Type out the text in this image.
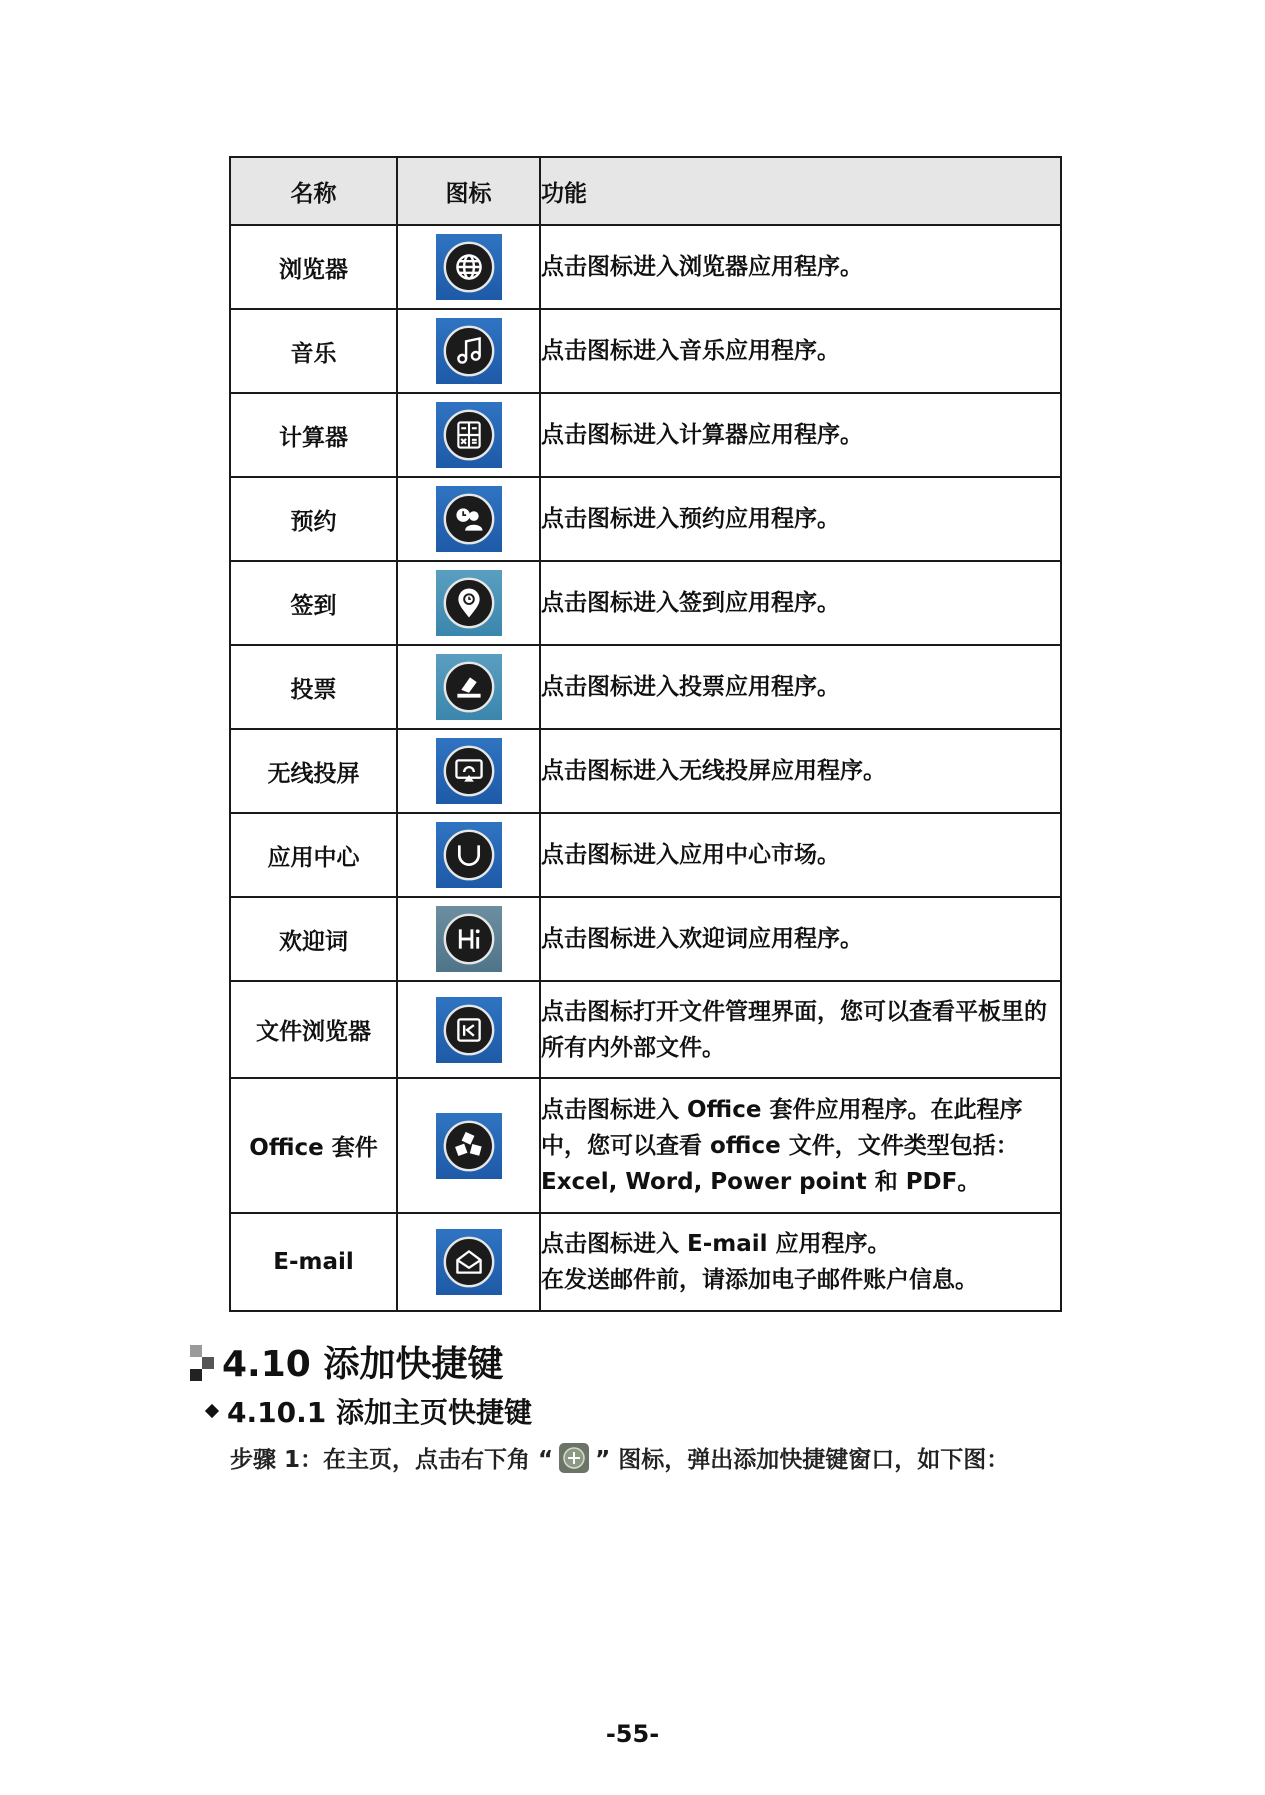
名称	图标	功能
浏览器		点击图标进入浏览器应用程序。

音乐		点击图标进入音乐应用程序。

计算器		点击图标进入计算器应用程序。

预约		点击图标进入预约应用程序。

签到		点击图标进入签到应用程序。

投票		点击图标进入投票应用程序。

无线投屏		点击图标进入无线投屏应用程序。

应用中心		点击图标进入应用中心市场。

欢迎词		点击图标进入欢迎词应用程序。

文件浏览器		点击图标打开文件管理界面，您可以查看平板里的所有内外部文件。

Office 套件		点击图标进入 Office 套件应用程序。在此程序中，您可以查看 office 文件，文件类型包括：Excel, Word, Power point 和 PDF。

E-mail		点击图标进入 E-mail 应用程序。
在发送邮件前，请添加电子邮件账户信息。
4.10 添加快捷键
4.10.1 添加主页快捷键
步骤 1：在主页，点击右下角 “ ” 图标，弹出添加快捷键窗口，如下图：
-55-
